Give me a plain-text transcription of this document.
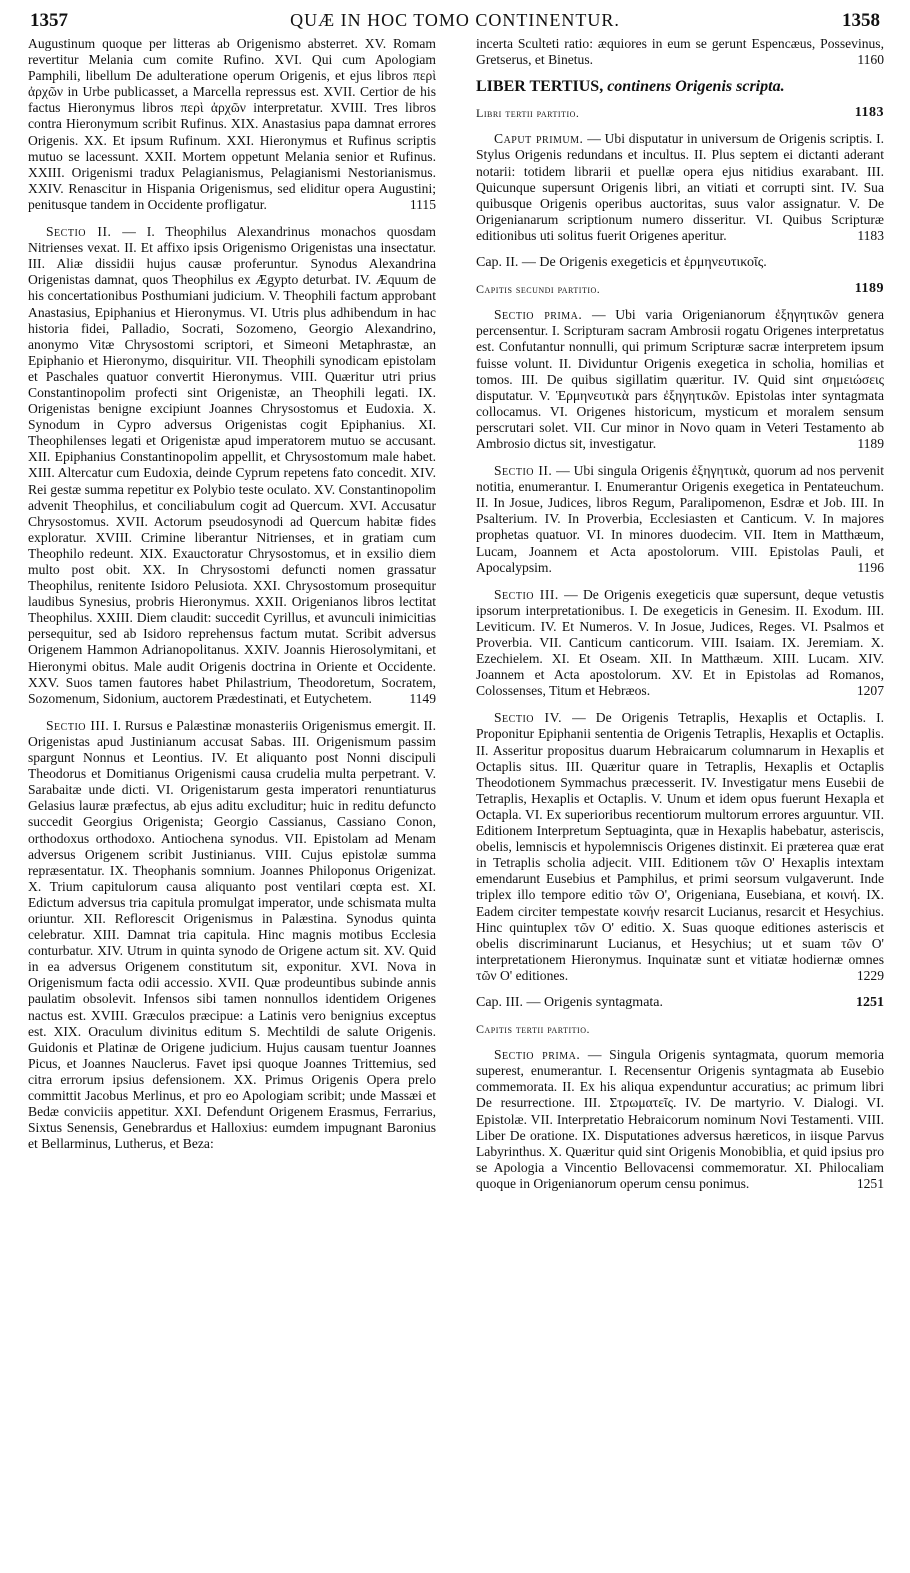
1357	QUÆ IN HOC TOMO CONTINENTUR.	1358

Augustinum quoque per litteras ab Origenismo absterret. XV. Romam revertitur Melania cum comite Rufino. XVI. Qui cum Apologiam Pamphili, libellum De adulteratione operum Origenis, et ejus libros περὶ ἀρχῶν in Urbe publicasset, a Marcella repressus est. XVII. Certior de his factus Hieronymus libros περὶ ἀρχῶν interpretatur. XVIII. Tres libros contra Hieronymum scribit Rufinus. XIX. Anastasius papa damnat errores Origenis. XX. Et ipsum Rufinum. XXI. Hieronymus et Rufinus scriptis mutuo se lacessunt. XXII. Mortem oppetunt Melania senior et Rufinus. XXIII. Origenismi tradux Pelagianismus, Pelagianismi Nestorianismus. XXIV. Renascitur in Hispania Origenismus, sed eliditur opera Augustini; penitusque tandem in Occidente profligatur.	1115

Sectio II. — I. Theophilus Alexandrinus monachos quosdam Nitrienses vexat. II. Et affixo ipsis Origenismo Origenistas una insectatur. III. Aliæ dissidii hujus causæ proferuntur. Synodus Alexandrina Origenistas damnat, quos Theophilus ex Ægypto deturbat. IV. Æquum de his concertationibus Posthumiani judicium. V. Theophili factum approbant Anastasius, Epiphanius et Hieronymus. VI. Utris plus adhibendum in hac historia fidei, Palladio, Socrati, Sozomeno, Georgio Alexandrino, anonymo Vitæ Chrysostomi scriptori, et Simeoni Metaphrastæ, an Epiphanio et Hieronymo, disquiritur. VII. Theophili synodicam epistolam et Paschales quatuor convertit Hieronymus. VIII. Quæritur utri prius Constantinopolim profecti sint Origenistæ, an Theophili legati. IX. Origenistas benigne excipiunt Joannes Chrysostomus et Eudoxia. X. Synodum in Cypro adversus Origenistas cogit Epiphanius. XI. Theophilenses legati et Origenistæ apud imperatorem mutuo se accusant. XII. Epiphanius Constantinopolim appellit, et Chrysostomum male habet. XIII. Altercatur cum Eudoxia, deinde Cyprum repetens fato concedit. XIV. Rei gestæ summa repetitur ex Polybio teste oculato. XV. Constantinopolim advenit Theophilus, et conciliabulum cogit ad Quercum. XVI. Accusatur Chrysostomus. XVII. Actorum pseudosynodi ad Quercum habitæ fides exploratur. XVIII. Crimine liberantur Nitrienses, et in gratiam cum Theophilo redeunt. XIX. Exauctoratur Chrysostomus, et in exsilio diem multo post obit. XX. In Chrysostomi defuncti nomen grassatur Theophilus, renitente Isidoro Pelusiota. XXI. Chrysostomum prosequitur laudibus Synesius, probris Hieronymus. XXII. Origenianos libros lectitat Theophilus. XXIII. Diem claudit: succedit Cyrillus, et avunculi inimicitias persequitur, sed ab Isidoro reprehensus factum mutat. Scribit adversus Origenem Hammon Adrianopolitanus. XXIV. Joannis Hierosolymitani, et Hieronymi obitus. Male audit Origenis doctrina in Oriente et Occidente. XXV. Suos tamen fautores habet Philastrium, Theodoretum, Socratem, Sozomenum, Sidonium, auctorem Prædestinati, et Eutychetem.	1149

Sectio III. I. Rursus e Palæstinæ monasteriis Origenismus emergit. II. Origenistas apud Justinianum accusat Sabas. III. Origenismum passim spargunt Nonnus et Leontius. IV. Et aliquanto post Nonni discipuli Theodorus et Domitianus Origenismi causa crudelia multa perpetrant. V. Sarabaitæ unde dicti. VI. Origenistarum gesta imperatori renuntiaturus Gelasius lauræ præfectus, ab ejus aditu excluditur; huic in reditu defuncto succedit Georgius Origenista; Georgio Cassianus, Cassiano Conon, orthodoxus orthodoxo. Antiochena synodus. VII. Epistolam ad Menam adversus Origenem scribit Justinianus. VIII. Cujus epistolæ summa repræsentatur. IX. Theophanis somnium. Joannes Philoponus Origenizat. X. Trium capitulorum causa aliquanto post ventilari cœpta est. XI. Edictum adversus tria capitula promulgat imperator, unde schismata multa oriuntur. XII. Reflorescit Origenismus in Palæstina. Synodus quinta celebratur. XIII. Damnat tria capitula. Hinc magnis motibus Ecclesia conturbatur. XIV. Utrum in quinta synodo de Origene actum sit. XV. Quid in ea adversus Origenem constitutum sit, exponitur. XVI. Nova in Origenismum facta odii accessio. XVII. Quæ prodeuntibus subinde annis paulatim obsolevit. Infensos sibi tamen nonnullos identidem Origenes nactus est. XVIII. Græculos præcipue: a Latinis vero benignius exceptus est. XIX. Oraculum divinitus editum S. Mechtildi de salute Origenis. Guidonis et Platinæ de Origene judicium. Hujus causam tuentur Joannes Picus, et Joannes Nauclerus. Favet ipsi quoque Joannes Trittemius, sed citra errorum ipsius defensionem. XX. Primus Origenis Opera prelo committit Jacobus Merlinus, et pro eo Apologiam scribit; unde Massæi et Bedæ conviciis appetitur. XXI. Defendunt Origenem Erasmus, Ferrarius, Sixtus Senensis, Genebrardus et Halloxius: eumdem impugnant Baronius et Bellarminus, Lutherus, et Beza:

incerta Sculteti ratio: æquiores in eum se gerunt Espencæus, Possevinus, Gretserus, et Binetus.	1160

LIBER TERTIUS, continens Origenis scripta.
Libri tertii partitio.	1183

Caput primum. — Ubi disputatur in universum de Origenis scriptis. I. Stylus Origenis redundans et incultus. II. Plus septem ei dictanti aderant notarii: totidem librarii et puellæ opera ejus nitidius exarabant. III. Quicunque supersunt Origenis libri, an vitiati et corrupti sint. IV. Sua quibusque Origenis operibus auctoritas, suus valor assignatur. V. De Origenianarum scriptionum numero disseritur. VI. Quibus Scripturæ editionibus uti solitus fuerit Origenes aperitur.	1183

Cap. II. — De Origenis exegeticis et ἑρμηνευτικοῖς.
Capitis secundi partitio.	1189

Sectio prima. — Ubi varia Origenianorum ἐξηγητικῶν genera percensentur. I. Scripturam sacram Ambrosii rogatu Origenes interpretatus est. Confutantur nonnulli, qui primum Scripturæ sacræ interpretem ipsum fuisse volunt. II. Dividuntur Origenis exegetica in scholia, homilias et tomos. III. De quibus sigillatim quæritur. IV. Quid sint σημειώσεις disputatur. V. Ἑρμηνευτικὰ pars ἐξηγητικῶν. Epistolas inter syntagmata collocamus. VI. Origenes historicum, mysticum et moralem sensum perscrutari solet. VII. Cur minor in Novo quam in Veteri Testamento ab Ambrosio dictus sit, investigatur.	1189

Sectio II. — Ubi singula Origenis ἐξηγητικὰ, quorum ad nos pervenit notitia, enumerantur. I. Enumerantur Origenis exegetica in Pentateuchum. II. In Josue, Judices, libros Regum, Paralipomenon, Esdræ et Job. III. In Psalterium. IV. In Proverbia, Ecclesiasten et Canticum. V. In majores prophetas quatuor. VI. In minores duodecim. VII. Item in Matthæum, Lucam, Joannem et Acta apostolorum. VIII. Epistolas Pauli, et Apocalypsim.	1196

Sectio III. — De Origenis exegeticis quæ supersunt, deque vetustis ipsorum interpretationibus. I. De exegeticis in Genesim. II. Exodum. III. Leviticum. IV. Et Numeros. V. In Josue, Judices, Reges. VI. Psalmos et Proverbia. VII. Canticum canticorum. VIII. Isaiam. IX. Jeremiam. X. Ezechielem. XI. Et Oseam. XII. In Matthæum. XIII. Lucam. XIV. Joannem et Acta apostolorum. XV. Et in Epistolas ad Romanos, Colossenses, Titum et Hebræos.	1207

Sectio IV. — De Origenis Tetraplis, Hexaplis et Octaplis. I. Proponitur Epiphanii sententia de Origenis Tetraplis, Hexaplis et Octaplis. II. Asseritur propositus duarum Hebraicarum columnarum in Hexaplis et Octaplis situs. III. Quæritur quare in Tetraplis, Hexaplis et Octaplis Theodotionem Symmachus præcesserit. IV. Investigatur mens Eusebii de Tetraplis, Hexaplis et Octaplis. V. Unum et idem opus fuerunt Hexapla et Octapla. VI. Ex superioribus recentiorum multorum errores arguuntur. VII. Editionem Interpretum Septuaginta, quæ in Hexaplis habebatur, asteriscis, obelis, lemniscis et hypolemniscis Origenes distinxit. Ei præterea quæ erat in Tetraplis scholia adjecit. VIII. Editionem τῶν Ο' Hexaplis intextam emendarunt Eusebius et Pamphilus, et primi seorsum vulgaverunt. Inde triplex illo tempore editio τῶν Ο', Origeniana, Eusebiana, et κοινή. IX. Eadem circiter tempestate κοινήν resarcit Lucianus, resarcit et Hesychius. Hinc quintuplex τῶν Ο' editio. X. Suas quoque editiones asteriscis et obelis discriminarunt Lucianus, et Hesychius; ut et suam τῶν Ο' interpretationem Hieronymus. Inquinatæ sunt et vitiatæ hodiernæ omnes τῶν Ο' editiones.	1229

Cap. III. — Origenis syntagmata.	1251
Capitis tertii partitio.

Sectio prima. — Singula Origenis syntagmata, quorum memoria superest, enumerantur. I. Recensentur Origenis syntagmata ab Eusebio commemorata. II. Ex his aliqua expenduntur accuratius; ac primum libri De resurrectione. III. Στρωματεῖς. IV. De martyrio. V. Dialogi. VI. Epistolæ. VII. Interpretatio Hebraicorum nominum Novi Testamenti. VIII. Liber De oratione. IX. Disputationes adversus hæreticos, in iisque Parvus Labyrinthus. X. Quæritur quid sint Origenis Monobiblia, et quid ipsius pro se Apologia a Vincentio Bellovacensi commemoratur. XI. Philocaliam quoque in Origenianorum operum censu ponimus.	1251
